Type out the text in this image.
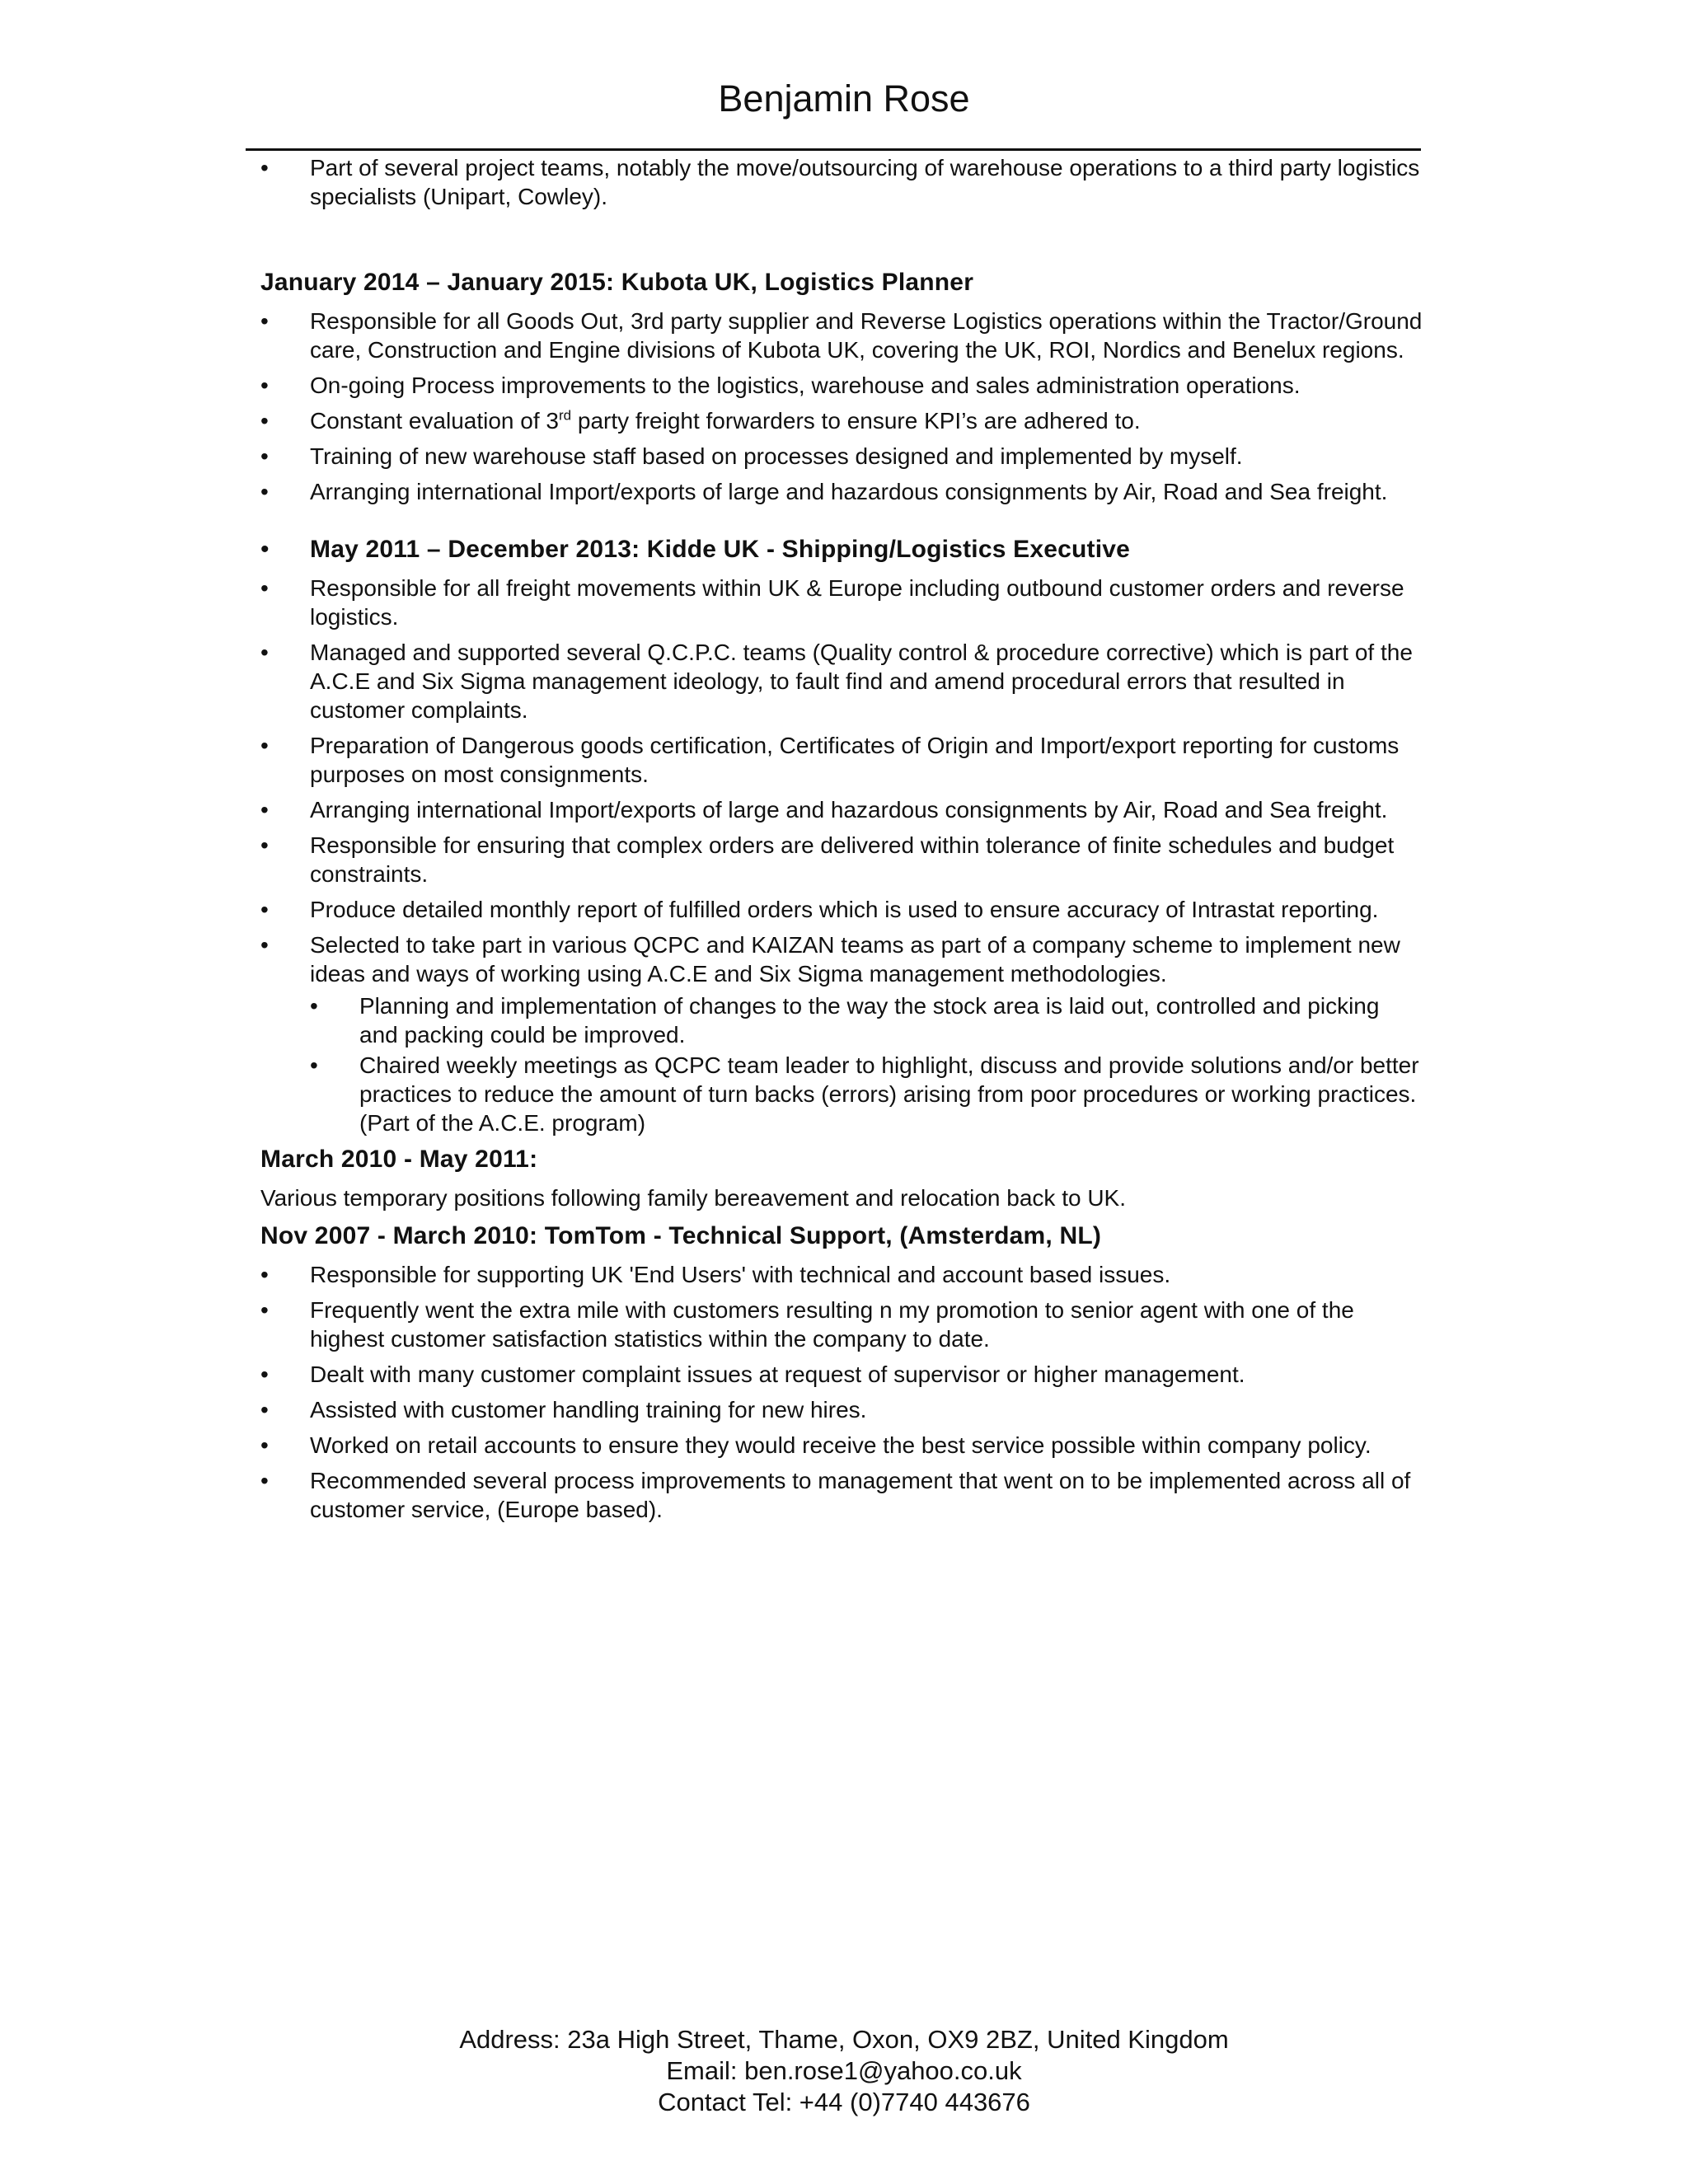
Benjamin Rose
• Part of several project teams, notably the move/outsourcing of warehouse operations to a third party logistics specialists (Unipart, Cowley).
January 2014 – January 2015: Kubota UK, Logistics Planner
• Responsible for all Goods Out, 3rd party supplier and Reverse Logistics operations within the Tractor/Ground care, Construction and Engine divisions of Kubota UK, covering the UK, ROI, Nordics and Benelux regions.
• On-going Process improvements to the logistics, warehouse and sales administration operations.
• Constant evaluation of 3rd party freight forwarders to ensure KPI’s are adhered to.
• Training of new warehouse staff based on processes designed and implemented by myself.
• Arranging international Import/exports of large and hazardous consignments by Air, Road and Sea freight.
• May 2011 – December 2013: Kidde UK - Shipping/Logistics Executive
• Responsible for all freight movements within UK & Europe including outbound customer orders and reverse logistics.
• Managed and supported several Q.C.P.C. teams (Quality control & procedure corrective) which is part of the A.C.E and Six Sigma management ideology, to fault find and amend procedural errors that resulted in customer complaints.
• Preparation of Dangerous goods certification, Certificates of Origin and Import/export reporting for customs purposes on most consignments.
• Arranging international Import/exports of large and hazardous consignments by Air, Road and Sea freight.
• Responsible for ensuring that complex orders are delivered within tolerance of finite schedules and budget constraints.
• Produce detailed monthly report of fulfilled orders which is used to ensure accuracy of Intrastat reporting.
• Selected to take part in various QCPC and KAIZAN teams as part of a company scheme to implement new ideas and ways of working using A.C.E and Six Sigma management methodologies.
• Planning and implementation of changes to the way the stock area is laid out, controlled and picking and packing could be improved.
• Chaired weekly meetings as QCPC team leader to highlight, discuss and provide solutions and/or better practices to reduce the amount of turn backs (errors) arising from poor procedures or working practices. (Part of the A.C.E. program)
March 2010 - May 2011:
Various temporary positions following family bereavement and relocation back to UK.
Nov 2007 - March 2010: TomTom - Technical Support, (Amsterdam, NL)
• Responsible for supporting UK 'End Users' with technical and account based issues.
• Frequently went the extra mile with customers resulting n my promotion to senior agent with one of the highest customer satisfaction statistics within the company to date.
• Dealt with many customer complaint issues at request of supervisor or higher management.
• Assisted with customer handling training for new hires.
• Worked on retail accounts to ensure they would receive the best service possible within company policy.
• Recommended several process improvements to management that went on to be implemented across all of customer service, (Europe based).
Address: 23a High Street, Thame, Oxon, OX9 2BZ, United Kingdom
Email: ben.rose1@yahoo.co.uk
Contact Tel: +44 (0)7740 443676
